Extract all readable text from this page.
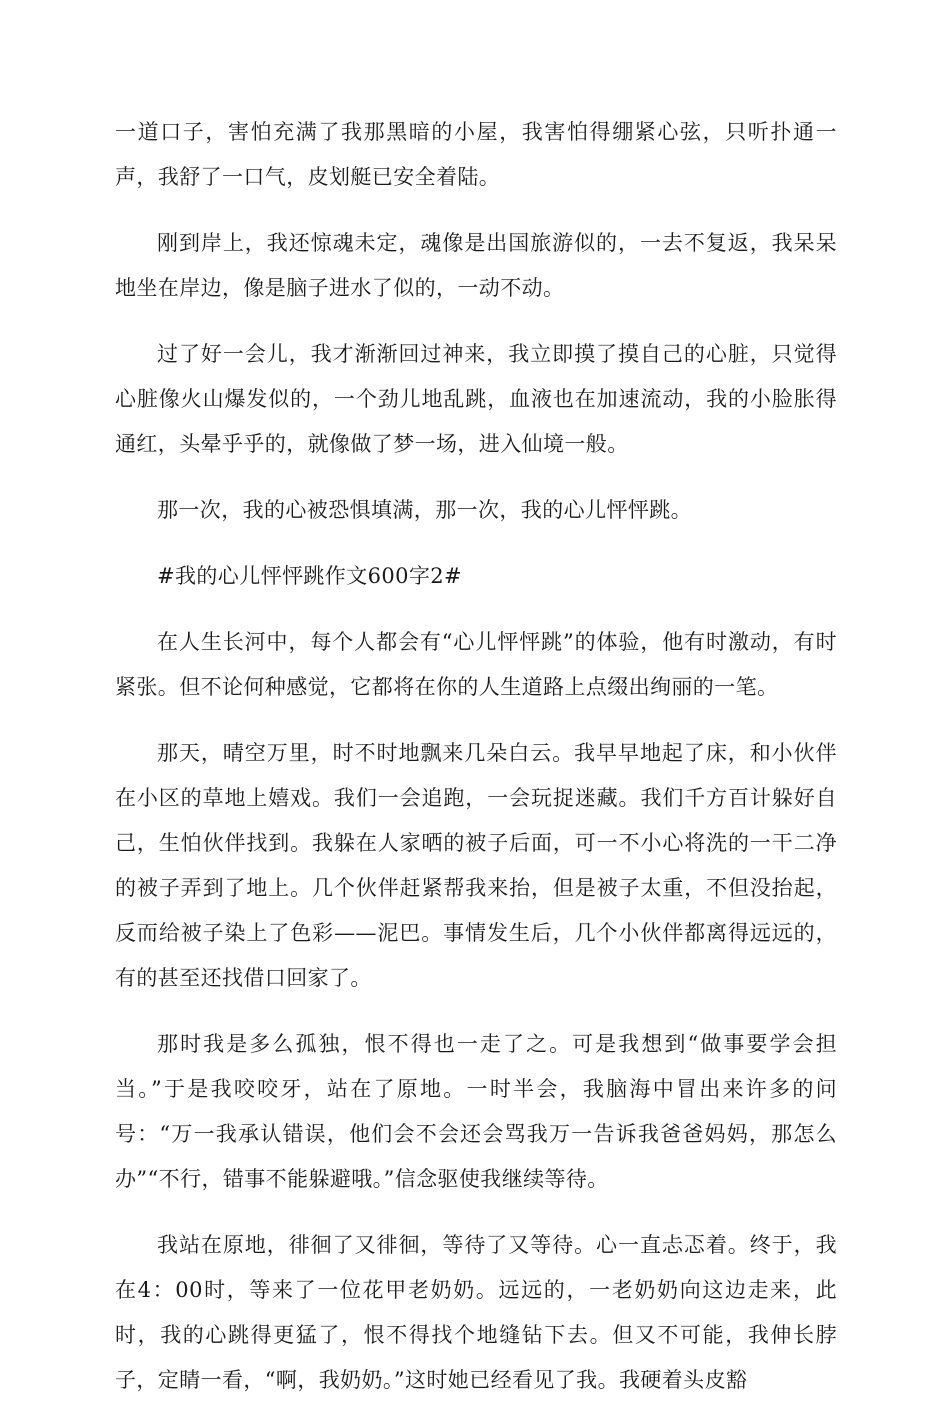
一道口子，害怕充满了我那黑暗的小屋，我害怕得绷紧心弦，只听扑通一声，我舒了一口气，皮划艇已安全着陆。

刚到岸上，我还惊魂未定，魂像是出国旅游似的，一去不复返，我呆呆地坐在岸边，像是脑子进水了似的，一动不动。

过了好一会儿，我才渐渐回过神来，我立即摸了摸自己的心脏，只觉得心脏像火山爆发似的，一个劲儿地乱跳，血液也在加速流动，我的小脸胀得通红，头晕乎乎的，就像做了梦一场，进入仙境一般。

那一次，我的心被恐惧填满，那一次，我的心儿怦怦跳。

#我的心儿怦怦跳作文600字2#

在人生长河中，每个人都会有“心儿怦怦跳”的体验，他有时激动，有时紧张。但不论何种感觉，它都将在你的人生道路上点缀出绚丽的一笔。

那天，晴空万里，时不时地飘来几朵白云。我早早地起了床，和小伙伴在小区的草地上嬉戏。我们一会追跑，一会玩捉迷藏。我们千方百计躲好自己，生怕伙伴找到。我躲在人家晒的被子后面，可一不小心将洗的一干二净的被子弄到了地上。几个伙伴赶紧帮我来抬，但是被子太重，不但没抬起，反而给被子染上了色彩——泥巴。事情发生后，几个小伙伴都离得远远的，有的甚至还找借口回家了。

那时我是多么孤独，恨不得也一走了之。可是我想到“做事要学会担当。”于是我咬咬牙，站在了原地。一时半会，我脑海中冒出来许多的问号：“万一我承认错误，他们会不会还会骂我万一告诉我爸爸妈妈，那怎么办”“不行，错事不能躲避哦。”信念驱使我继续等待。

我站在原地，徘徊了又徘徊，等待了又等待。心一直忐忑着。终于，我在4：00时，等来了一位花甲老奶奶。远远的，一老奶奶向这边走来，此时，我的心跳得更猛了，恨不得找个地缝钻下去。但又不可能，我伸长脖子，定睛一看，“啊，我奶奶。”这时她已经看见了我。我硬着头皮豁
